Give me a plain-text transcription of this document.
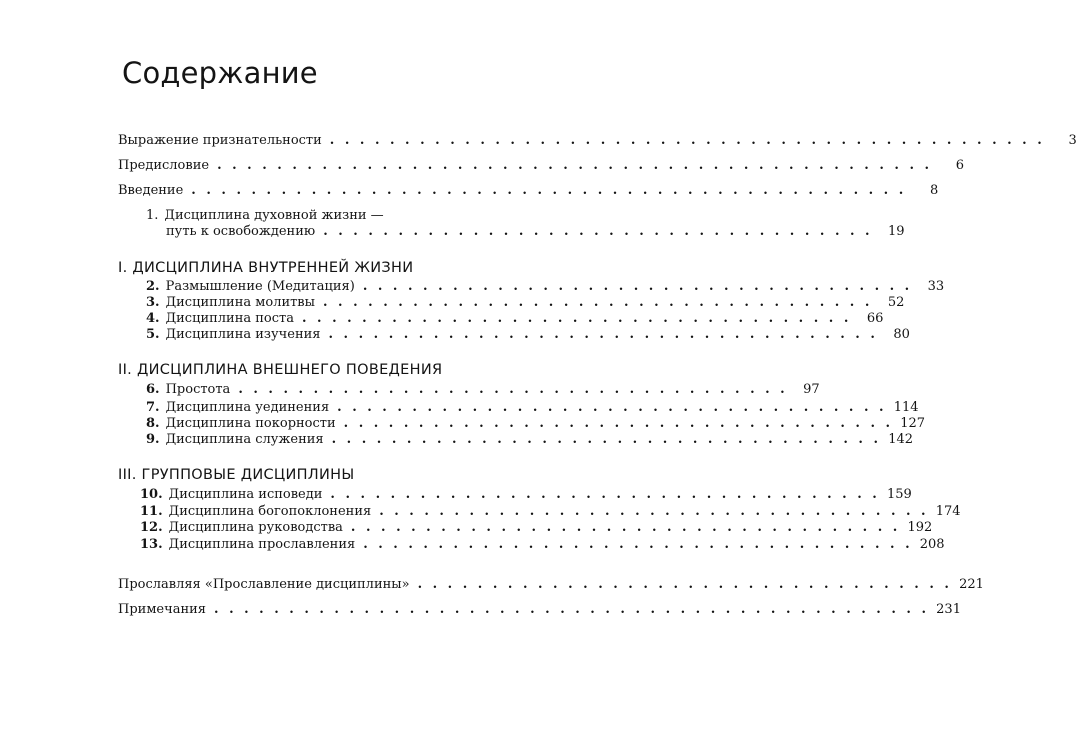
Содержание
Выражение признательности . . . . . . . . . . . . . . . . . . . . . . . . . . . . . . . . . . . . . . . . . . . . . . . .	3
Предисловие . . . . . . . . . . . . . . . . . . . . . . . . . . . . . . . . . . . . . . . . . . . . . . . .	6
Введение . . . . . . . . . . . . . . . . . . . . . . . . . . . . . . . . . . . . . . . . . . . . . . . .	8
1. Дисциплина духовной жизни —
путь к освобождению . . . . . . . . . . . . . . . . . . . . . . . . . . . . . . . . . . . . .	19
I. ДИСЦИПЛИНА ВНУТРЕННЕЙ ЖИЗНИ
2. Размышление (Медитация) . . . . . . . . . . . . . . . . . . . . . . . . . . . . . . . . . . . . .	33
3. Дисциплина молитвы . . . . . . . . . . . . . . . . . . . . . . . . . . . . . . . . . . . . .	52
4. Дисциплина поста . . . . . . . . . . . . . . . . . . . . . . . . . . . . . . . . . . . . .	66
5. Дисциплина изучения . . . . . . . . . . . . . . . . . . . . . . . . . . . . . . . . . . . . .	80
II. ДИСЦИПЛИНА ВНЕШНЕГО ПОВЕДЕНИЯ
6. Простота . . . . . . . . . . . . . . . . . . . . . . . . . . . . . . . . . . . . .	97
7. Дисциплина уединения . . . . . . . . . . . . . . . . . . . . . . . . . . . . . . . . . . . . . 114
8. Дисциплина покорности . . . . . . . . . . . . . . . . . . . . . . . . . . . . . . . . . . . . . 127
9. Дисциплина служения . . . . . . . . . . . . . . . . . . . . . . . . . . . . . . . . . . . . . 142
III. ГРУППОВЫЕ ДИСЦИПЛИНЫ
10. Дисциплина исповеди . . . . . . . . . . . . . . . . . . . . . . . . . . . . . . . . . . . . . 159
11. Дисциплина богопоклонения . . . . . . . . . . . . . . . . . . . . . . . . . . . . . . . . . . . . . 174
12. Дисциплина руководства . . . . . . . . . . . . . . . . . . . . . . . . . . . . . . . . . . . . . 192
13. Дисциплина прославления . . . . . . . . . . . . . . . . . . . . . . . . . . . . . . . . . . . . . 208
Прославляя «Прославление дисциплины» . . . . . . . . . . . . . . . . . . . . . . . . . . . . . . . . . . . . 221
Примечания . . . . . . . . . . . . . . . . . . . . . . . . . . . . . . . . . . . . . . . . . . . . . . . . 231
